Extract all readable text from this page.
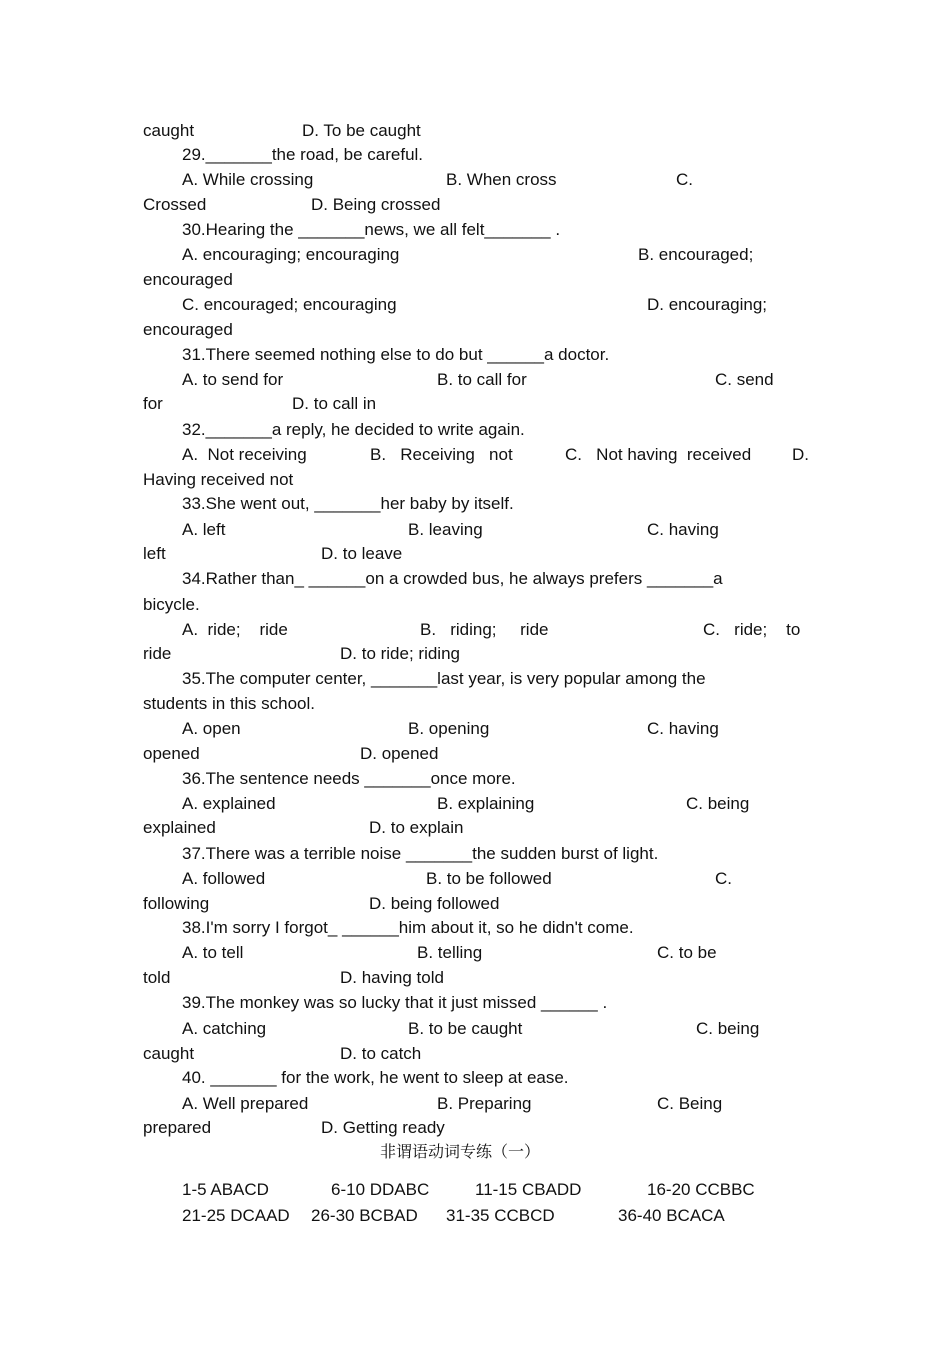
caught	D. To be caught
29._______the road, be careful.
A. While crossing	B. When cross	C.
Crossed	D. Being crossed
30.Hearing the _______news, we all felt_______ .
A. encouraging; encouraging	B. encouraged;
encouraged
C. encouraged; encouraging	D. encouraging;
encouraged
31.There seemed nothing else to do but ______a doctor.
A. to send for	B. to call for	C. send
for	D. to call in
32._______a reply, he decided to write again.
A.  Not receiving	B.   Receiving   not	C.   Not having  received D.
Having received not
33.She went out, _______her baby by itself.
A. left	B. leaving	C. having
left	D. to leave
34.Rather than_ ______on a crowded bus, he always prefers _______a
bicycle.
A.  ride;    ride	B.   riding;     ride	C.   ride;    to
ride	D. to ride; riding
35.The computer center, _______last year, is very popular among the
students in this school.
A. open	B. opening	C. having
opened	D. opened
36.The sentence needs _______once more.
A. explained	B. explaining	C. being
explained	D. to explain
37.There was a terrible noise _______the sudden burst of light.
A. followed	B. to be followed	C.
following	D. being followed
38.I'm sorry I forgot_ ______him about it, so he didn't come.
A. to tell	B. telling	C. to be
told	D. having told
39.The monkey was so lucky that it just missed ______ .
A. catching	B. to be caught	C. being
caught	D. to catch
40. _______ for the work, he went to sleep at ease.
A. Well prepared	B. Preparing	C. Being
prepared	D. Getting ready
非谓语动词专练（一）
1-5 ABACD	6-10 DDABC	11-15 CBADD	16-20 CCBBC
21-25 DCAAD 26-30 BCBAD 31-35 CCBCD	36-40 BCACA
